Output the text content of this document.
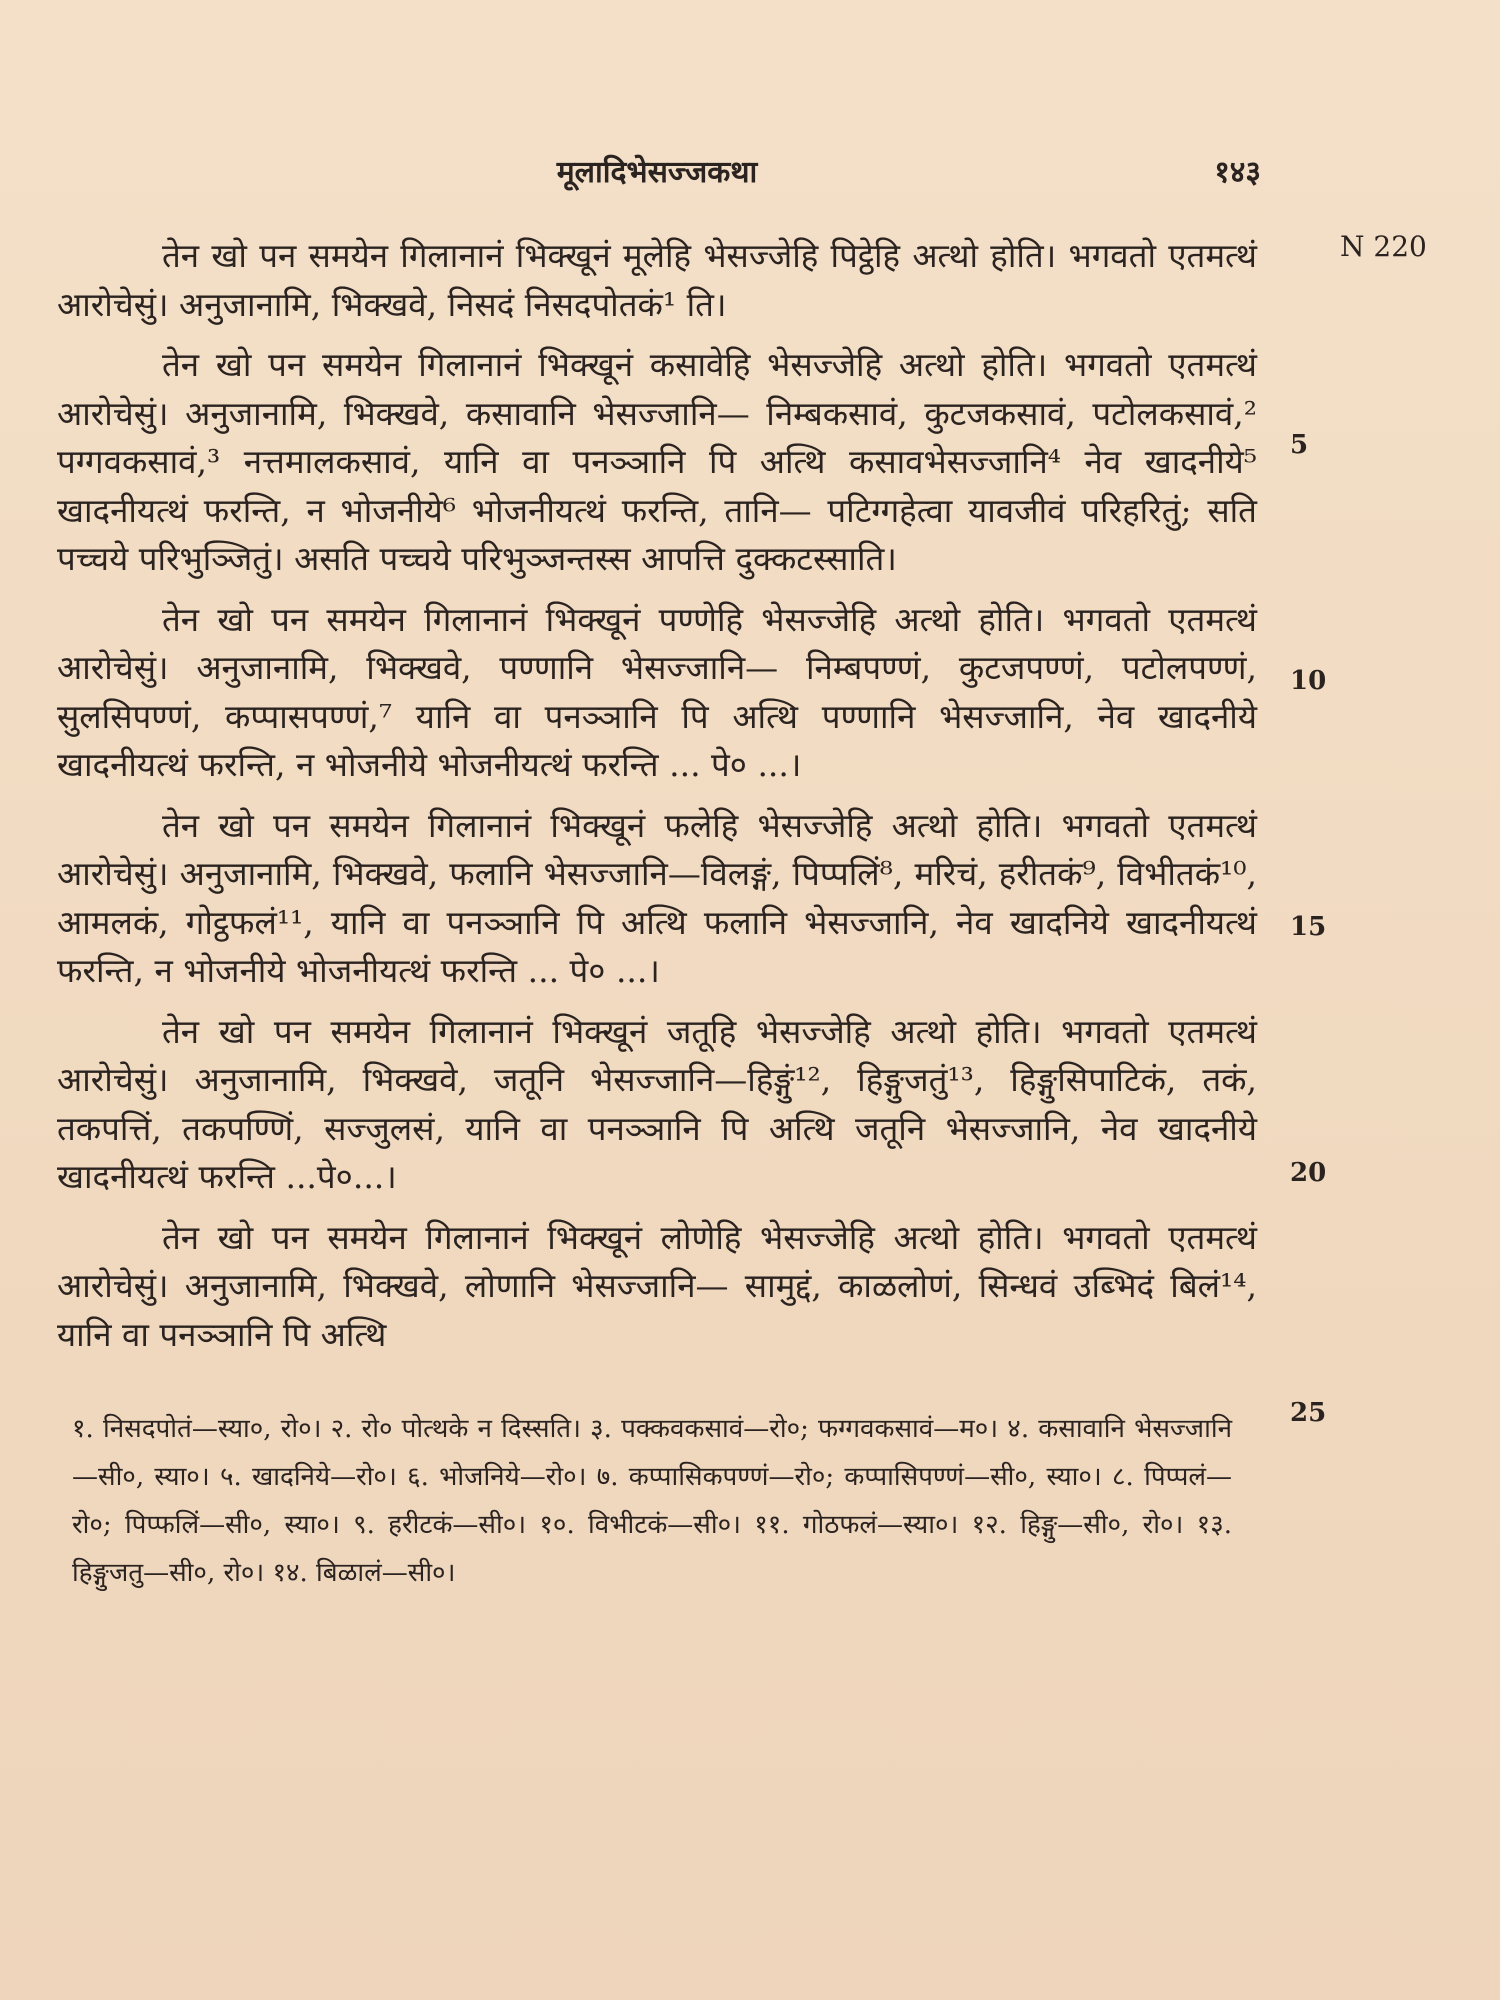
मूलादिभेसज्जकथा	१४३
N 220
5
10
15
20

तेन खो पन समयेन गिलानानं भिक्खूनं मूलेहि भेसज्जेहि पिट्ठेहि अत्थो होति। भगवतो एतमत्थं आरोचेसुं। अनुजानामि, भिक्खवे, निसदं निसदपोतकं¹ ति।

तेन खो पन समयेन गिलानानं भिक्खूनं कसावेहि भेसज्जेहि अत्थो होति। भगवतो एतमत्थं आरोचेसुं। अनुजानामि, भिक्खवे, कसावानि भेसज्जानि— निम्बकसावं, कुटजकसावं, पटोलकसावं,² पग्गवकसावं,³ नत्तमालकसावं, यानि वा पनञ्ञानि पि अत्थि कसावभेसज्जानि⁴ नेव खादनीये⁵ खादनीयत्थं फरन्ति, न भोजनीये⁶ भोजनीयत्थं फरन्ति, तानि— पटिग्गहेत्वा यावजीवं परिहरितुं; सति पच्चये परिभुञ्जितुं। असति पच्चये परिभुञ्जन्तस्स आपत्ति दुक्कटस्साति।

तेन खो पन समयेन गिलानानं भिक्खूनं पण्णेहि भेसज्जेहि अत्थो होति। भगवतो एतमत्थं आरोचेसुं। अनुजानामि, भिक्खवे, पण्णानि भेसज्जानि— निम्बपण्णं, कुटजपण्णं, पटोलपण्णं, सुलसिपण्णं, कप्पासपण्णं,⁷ यानि वा पनञ्ञानि पि अत्थि पण्णानि भेसज्जानि, नेव खादनीये खादनीयत्थं फरन्ति, न भोजनीये भोजनीयत्थं फरन्ति ... पे० ...।

तेन खो पन समयेन गिलानानं भिक्खूनं फलेहि भेसज्जेहि अत्थो होति। भगवतो एतमत्थं आरोचेसुं। अनुजानामि, भिक्खवे, फलानि भेसज्जानि—विलङ्गं, पिप्पलिं⁸, मरिचं, हरीतकं⁹, विभीतकं¹⁰, आमलकं, गोट्ठफलं¹¹, यानि वा पनञ्ञानि पि अत्थि फलानि भेसज्जानि, नेव खादनिये खादनीयत्थं फरन्ति, न भोजनीये भोजनीयत्थं फरन्ति ... पे० ...।

तेन खो पन समयेन गिलानानं भिक्खूनं जतूहि भेसज्जेहि अत्थो होति। भगवतो एतमत्थं आरोचेसुं। अनुजानामि, भिक्खवे, जतूनि भेसज्जानि—हिङ्गुं¹², हिङ्गुजतुं¹³, हिङ्गुसिपाटिकं, तकं, तकपत्तिं, तकपण्णिं, सज्जुलसं, यानि वा पनञ्ञानि पि अत्थि जतूनि भेसज्जानि, नेव खादनीये खादनीयत्थं फरन्ति ...पे०...।

तेन खो पन समयेन गिलानानं भिक्खूनं लोणेहि भेसज्जेहि अत्थो होति। भगवतो एतमत्थं आरोचेसुं। अनुजानामि, भिक्खवे, लोणानि भेसज्जानि— सामुद्दं, काळलोणं, सिन्धवं उब्भिदं बिलं¹⁴, यानि वा पनञ्ञानि पि अत्थि

25
१. निसदपोतं—स्या०, रो०। २. रो० पोत्थके न दिस्सति। ३. पक्कवकसावं—रो०; फग्गवकसावं—म०। ४. कसावानि भेसज्जानि—सी०, स्या०। ५. खादनिये—रो०। ६. भोजनिये—रो०। ७. कप्पासिकपण्णं—रो०; कप्पासिपण्णं—सी०, स्या०। ८. पिप्पलं—रो०; पिप्फलिं—सी०, स्या०। ९. हरीटकं—सी०। १०. विभीटकं—सी०। ११. गोठफलं—स्या०। १२. हिङ्गु—सी०, रो०। १३. हिङ्गुजतु—सी०, रो०। १४. बिळालं—सी०।
